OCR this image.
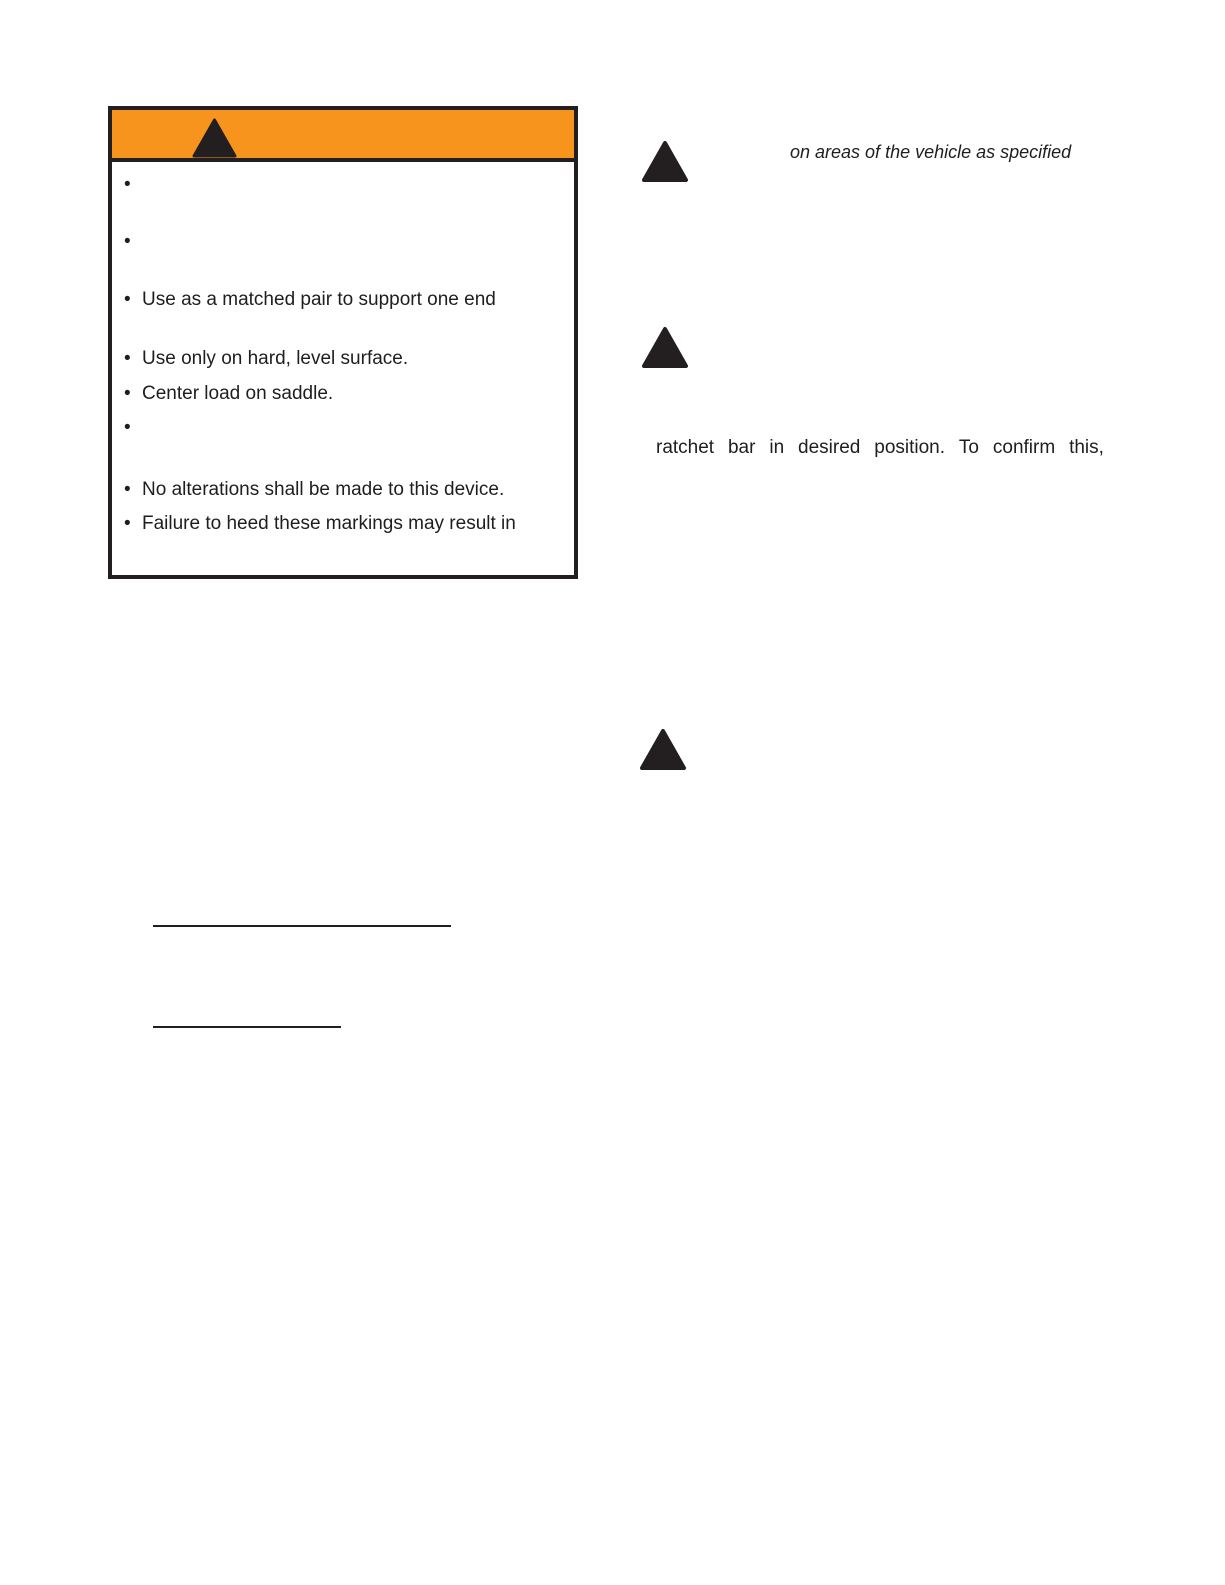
•
•
• Use as a matched pair to support one end
• Use only on hard, level surface.
• Center load on saddle.
•
• No alterations shall be made to this device.
• Failure to heed these markings may result in
on areas of the vehicle as specified
ratchet bar in desired position. To confirm this,
